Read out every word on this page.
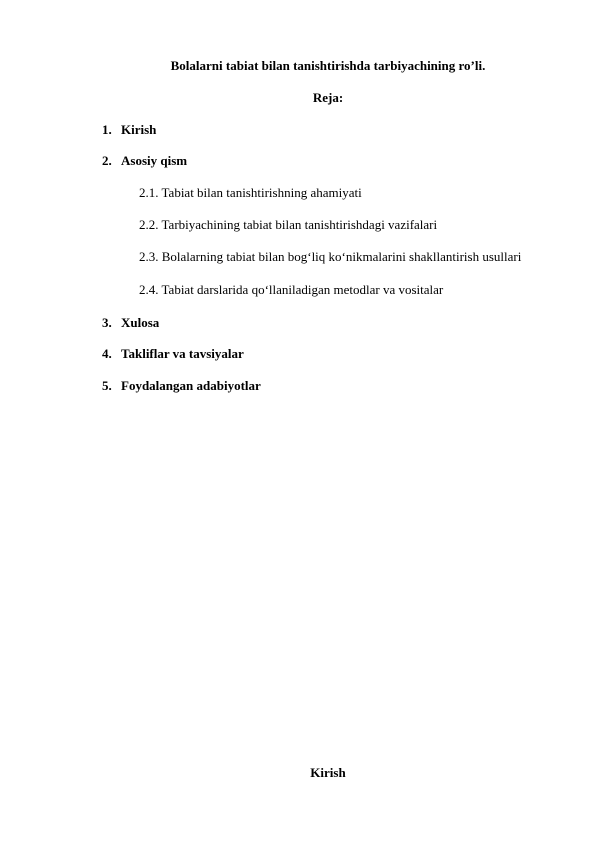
Bolalarni tabiat bilan tanishtirishda tarbiyachining ro’li.
Reja:
1. Kirish
2. Asosiy qism
2.1. Tabiat bilan tanishtirishning ahamiyati
2.2. Tarbiyachining tabiat bilan tanishtirishdagi vazifalari
2.3. Bolalarning tabiat bilan bog‘liq ko‘nikmalarini shakllantirish usullari
2.4. Tabiat darslarida qo‘llaniladigan metodlar va vositalar
3. Xulosa
4. Takliflar va tavsiyalar
5. Foydalangan adabiyotlar
Kirish
